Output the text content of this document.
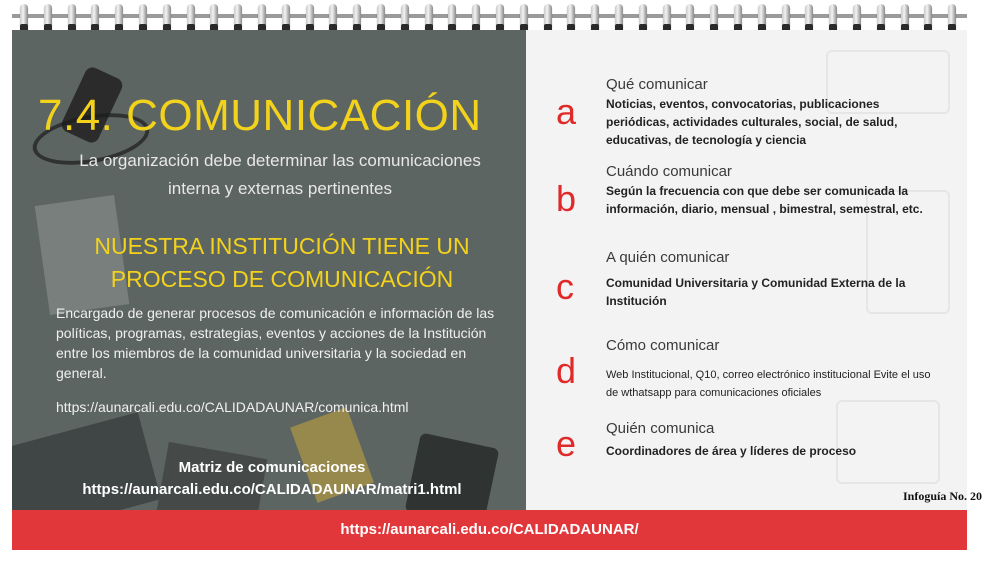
7.4. COMUNICACIÓN
La organización debe determinar las comunicaciones interna y externas pertinentes
NUESTRA INSTITUCIÓN TIENE UN PROCESO DE COMUNICACIÓN
Encargado de generar procesos de comunicación e información de las políticas, programas, estrategias, eventos y acciones de la Institución entre los miembros de la comunidad universitaria y la sociedad en general.
https://aunarcali.edu.co/CALIDADAUNAR/comunica.html
Matriz de comunicaciones
https://aunarcali.edu.co/CALIDADAUNAR/matri1.html
a
Qué comunicar
Noticias, eventos, convocatorias, publicaciones periódicas, actividades culturales, social, de salud, educativas, de tecnología y ciencia
b
Cuándo comunicar
Según la frecuencia con que debe ser comunicada la información, diario, mensual , bimestral, semestral, etc.
c
A quién comunicar
Comunidad Universitaria y Comunidad Externa de la Institución
d
Cómo comunicar
Web Institucional, Q10, correo electrónico institucional Evite el uso de wthatsapp para comunicaciones oficiales
e Quién comunica
Coordinadores de área y líderes de proceso
Infoguía No. 20
https://aunarcali.edu.co/CALIDADAUNAR/
